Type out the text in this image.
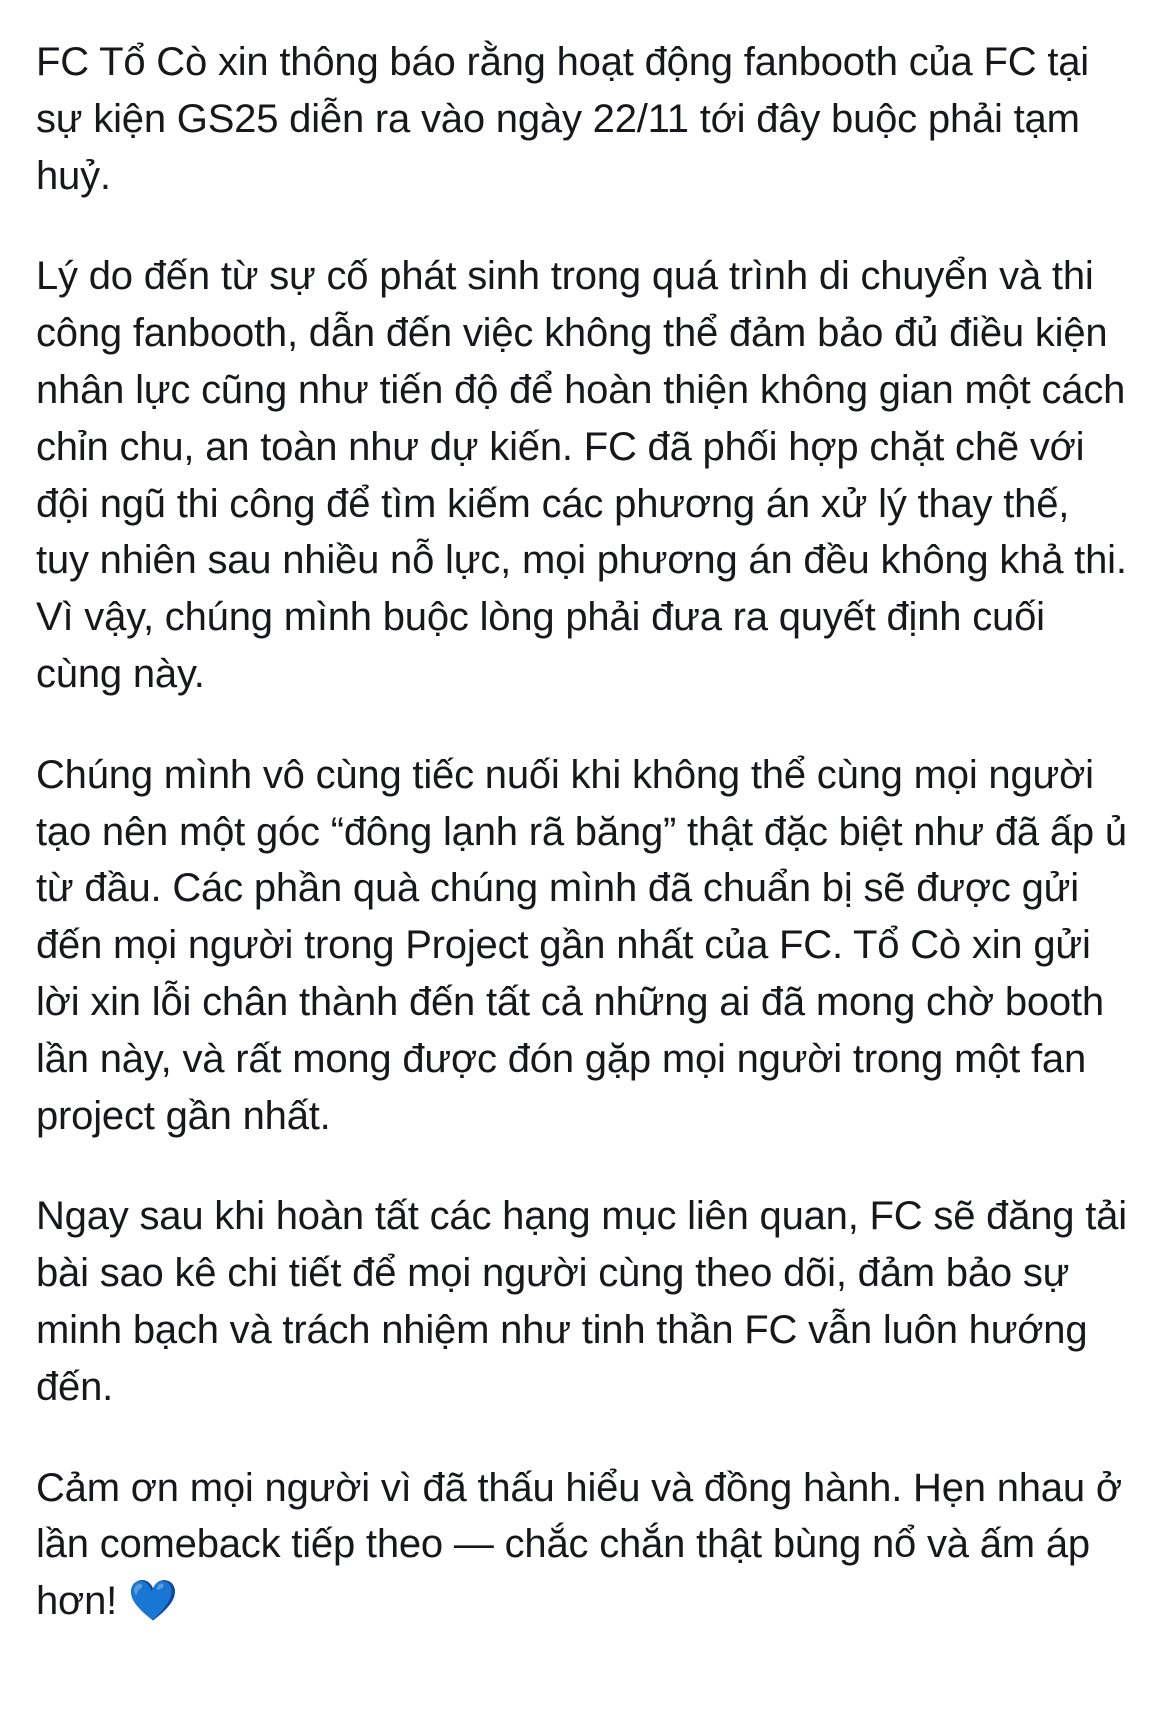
FC Tổ Cò xin thông báo rằng hoạt động fanbooth của FC tại sự kiện GS25 diễn ra vào ngày 22/11 tới đây buộc phải tạm huỷ.

Lý do đến từ sự cố phát sinh trong quá trình di chuyển và thi công fanbooth, dẫn đến việc không thể đảm bảo đủ điều kiện nhân lực cũng như tiến độ để hoàn thiện không gian một cách chỉn chu, an toàn như dự kiến. FC đã phối hợp chặt chẽ với đội ngũ thi công để tìm kiếm các phương án xử lý thay thế, tuy nhiên sau nhiều nỗ lực, mọi phương án đều không khả thi. Vì vậy, chúng mình buộc lòng phải đưa ra quyết định cuối cùng này.

Chúng mình vô cùng tiếc nuối khi không thể cùng mọi người tạo nên một góc “đông lạnh rã băng” thật đặc biệt như đã ấp ủ từ đầu. Các phần quà chúng mình đã chuẩn bị sẽ được gửi đến mọi người trong Project gần nhất của FC. Tổ Cò xin gửi lời xin lỗi chân thành đến tất cả những ai đã mong chờ booth lần này, và rất mong được đón gặp mọi người trong một fan project gần nhất.

Ngay sau khi hoàn tất các hạng mục liên quan, FC sẽ đăng tải bài sao kê chi tiết để mọi người cùng theo dõi, đảm bảo sự minh bạch và trách nhiệm như tinh thần FC vẫn luôn hướng đến.

Cảm ơn mọi người vì đã thấu hiểu và đồng hành. Hẹn nhau ở lần comeback tiếp theo — chắc chắn thật bùng nổ và ấm áp hơn! 💙
